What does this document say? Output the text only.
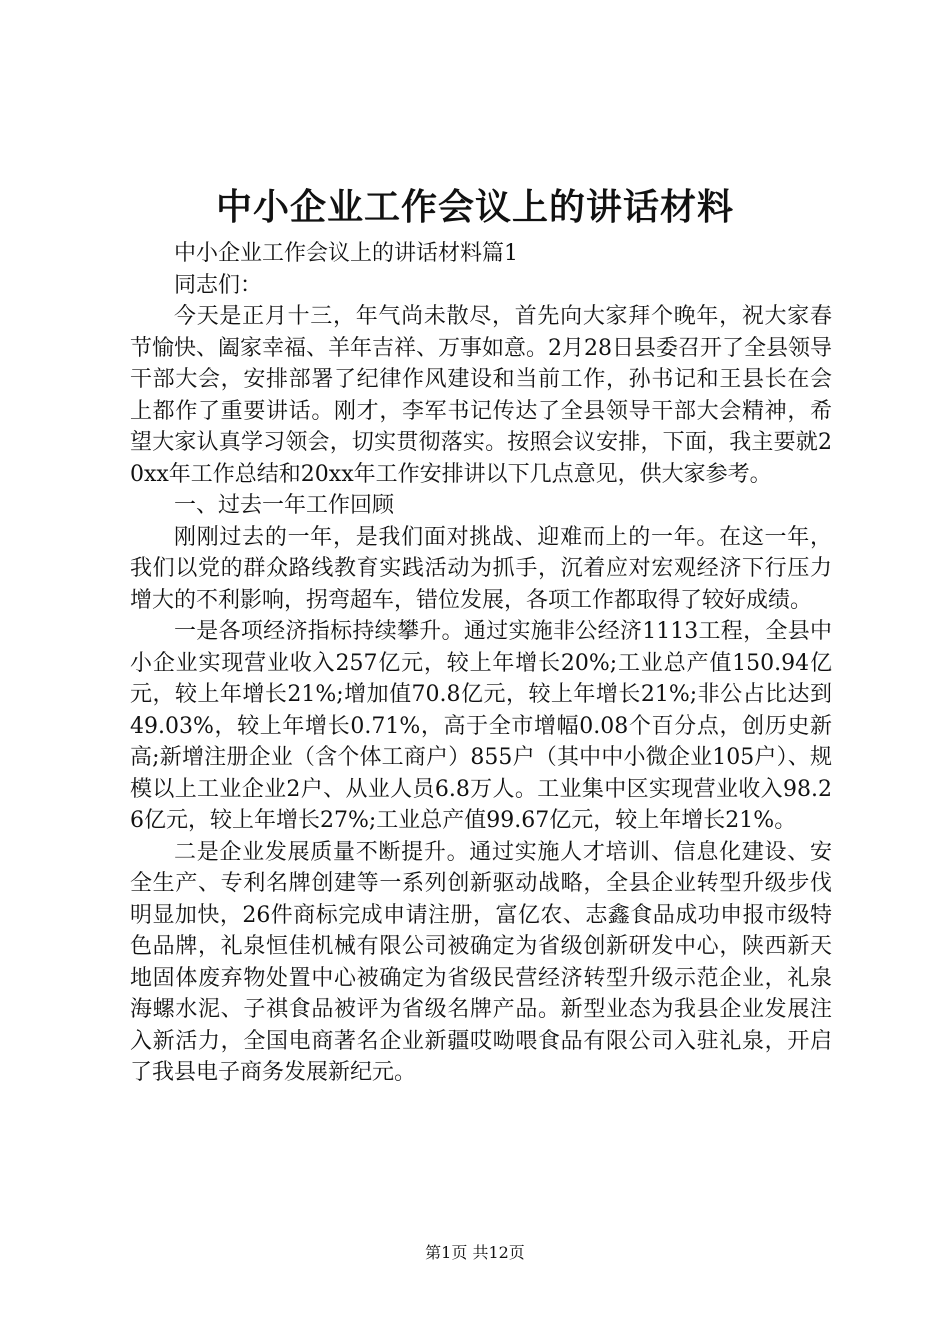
中小企业工作会议上的讲话材料

中小企业工作会议上的讲话材料篇1

同志们：

今天是正月十三，年气尚未散尽，首先向大家拜个晚年，祝大家春节愉快、阖家幸福、羊年吉祥、万事如意。2月28日县委召开了全县领导干部大会，安排部署了纪律作风建设和当前工作，孙书记和王县长在会上都作了重要讲话。刚才，李军书记传达了全县领导干部大会精神，希望大家认真学习领会，切实贯彻落实。按照会议安排，下面，我主要就20xx年工作总结和20xx年工作安排讲以下几点意见，供大家参考。

一、过去一年工作回顾

刚刚过去的一年，是我们面对挑战、迎难而上的一年。在这一年，我们以党的群众路线教育实践活动为抓手，沉着应对宏观经济下行压力增大的不利影响，拐弯超车，错位发展，各项工作都取得了较好成绩。

一是各项经济指标持续攀升。通过实施非公经济1113工程，全县中小企业实现营业收入257亿元，较上年增长20%;工业总产值150.94亿元，较上年增长21%;增加值70.8亿元，较上年增长21%;非公占比达到49.03%，较上年增长0.71%，高于全市增幅0.08个百分点，创历史新高;新增注册企业（含个体工商户）855户（其中中小微企业105户）、规模以上工业企业2户、从业人员6.8万人。工业集中区实现营业收入98.26亿元，较上年增长27%;工业总产值99.67亿元，较上年增长21%。

二是企业发展质量不断提升。通过实施人才培训、信息化建设、安全生产、专利名牌创建等一系列创新驱动战略，全县企业转型升级步伐明显加快，26件商标完成申请注册，富亿农、志鑫食品成功申报市级特色品牌，礼泉恒佳机械有限公司被确定为省级创新研发中心，陕西新天地固体废弃物处置中心被确定为省级民营经济转型升级示范企业，礼泉海螺水泥、子祺食品被评为省级名牌产品。新型业态为我县企业发展注入新活力，全国电商著名企业新疆哎呦喂食品有限公司入驻礼泉，开启了我县电子商务发展新纪元。

第1页 共12页
